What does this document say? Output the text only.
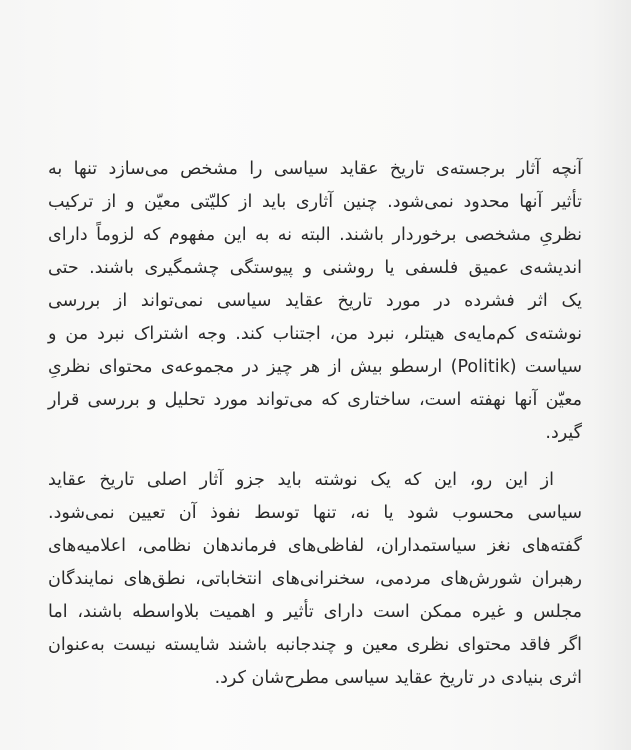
آنچه آثار برجسته‌ی تاریخ عقاید سیاسی را مشخص می‌سازد تنها به
تأثیر آنها محدود نمی‌شود. چنین آثاری باید از کلیّتی معیّن و از ترکیب
نظریِ مشخصی برخوردار باشند. البته نه به این مفهوم که لزوماً دارای
اندیشه‌ی عمیق فلسفی یا روشنی و پیوستگی چشمگیری باشند. حتی
یک اثر فشرده در مورد تاریخ عقاید سیاسی نمی‌تواند از بررسی
نوشته‌ی کم‌مایه‌ی هیتلر، نبرد من، اجتناب کند. وجه اشتراک نبرد من و
سیاست (Politik) ارسطو بیش از هر چیز در مجموعه‌ی محتوای نظریِ
معیّن آنها نهفته است، ساختاری که می‌تواند مورد تحلیل و بررسی قرار
گیرد.
از این رو، این که یک نوشته باید جزو آثار اصلی تاریخ عقاید
سیاسی محسوب شود یا نه، تنها توسط نفوذ آن تعیین نمی‌شود.
گفته‌های نغز سیاستمداران، لفاظی‌های فرماندهان نظامی، اعلامیه‌های
رهبران شورش‌های مردمی، سخنرانی‌های انتخاباتی، نطق‌های نمایندگان
مجلس و غیره ممکن است دارای تأثیر و اهمیت بلاواسطه باشند، اما
اگر فاقد محتوای نظری معین و چندجانبه باشند شایسته نیست به‌عنوان
اثری بنیادی در تاریخ عقاید سیاسی مطرح‌شان کرد.
